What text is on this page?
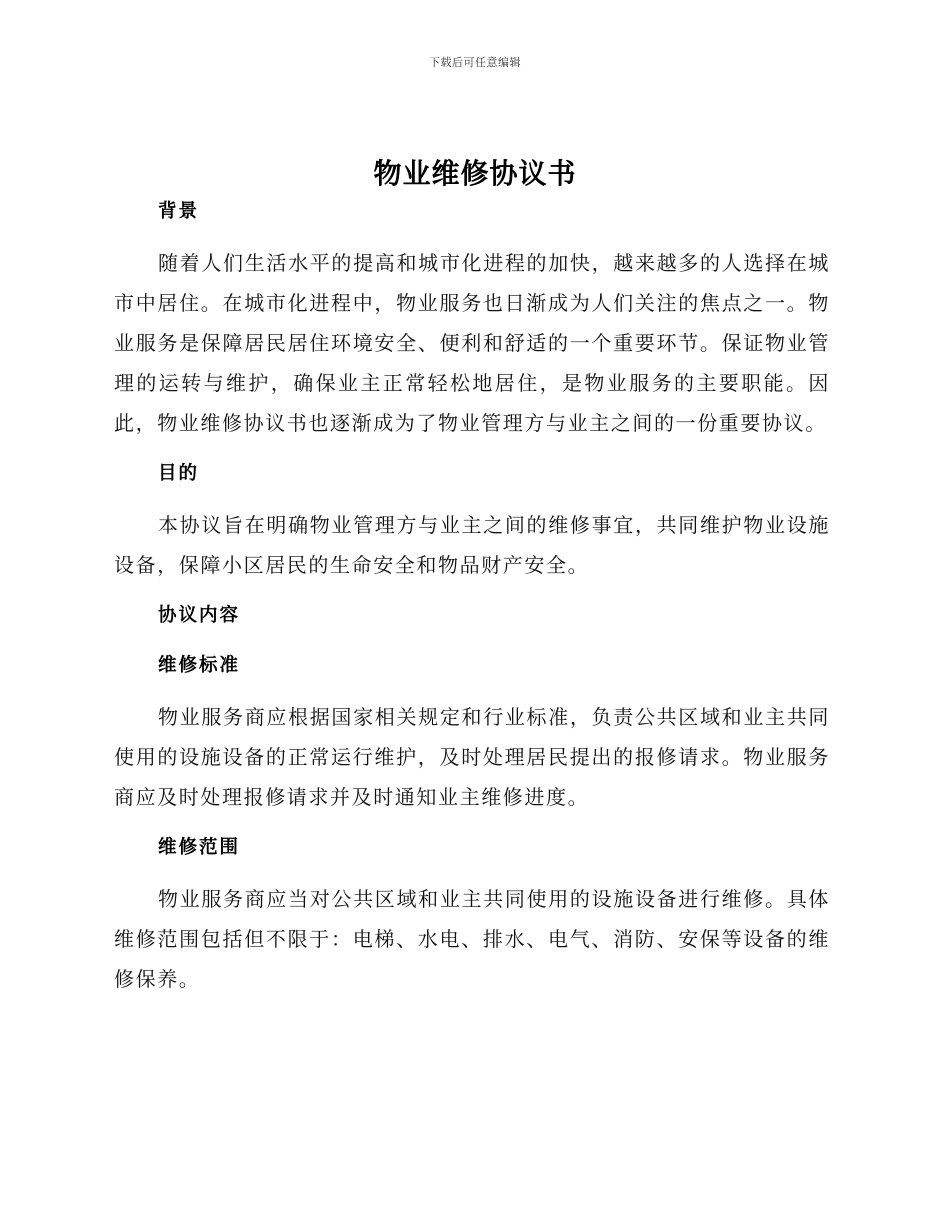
下载后可任意编辑
物业维修协议书
背景

随着人们生活水平的提高和城市化进程的加快，越来越多的人选择在城市中居住。在城市化进程中，物业服务也日渐成为人们关注的焦点之一。物业服务是保障居民居住环境安全、便利和舒适的一个重要环节。保证物业管理的运转与维护，确保业主正常轻松地居住，是物业服务的主要职能。因此，物业维修协议书也逐渐成为了物业管理方与业主之间的一份重要协议。

目的

本协议旨在明确物业管理方与业主之间的维修事宜，共同维护物业设施设备，保障小区居民的生命安全和物品财产安全。

协议内容
维修标准

物业服务商应根据国家相关规定和行业标准，负责公共区域和业主共同使用的设施设备的正常运行维护，及时处理居民提出的报修请求。物业服务商应及时处理报修请求并及时通知业主维修进度。

维修范围

物业服务商应当对公共区域和业主共同使用的设施设备进行维修。具体维修范围包括但不限于：电梯、水电、排水、电气、消防、安保等设备的维修保养。
